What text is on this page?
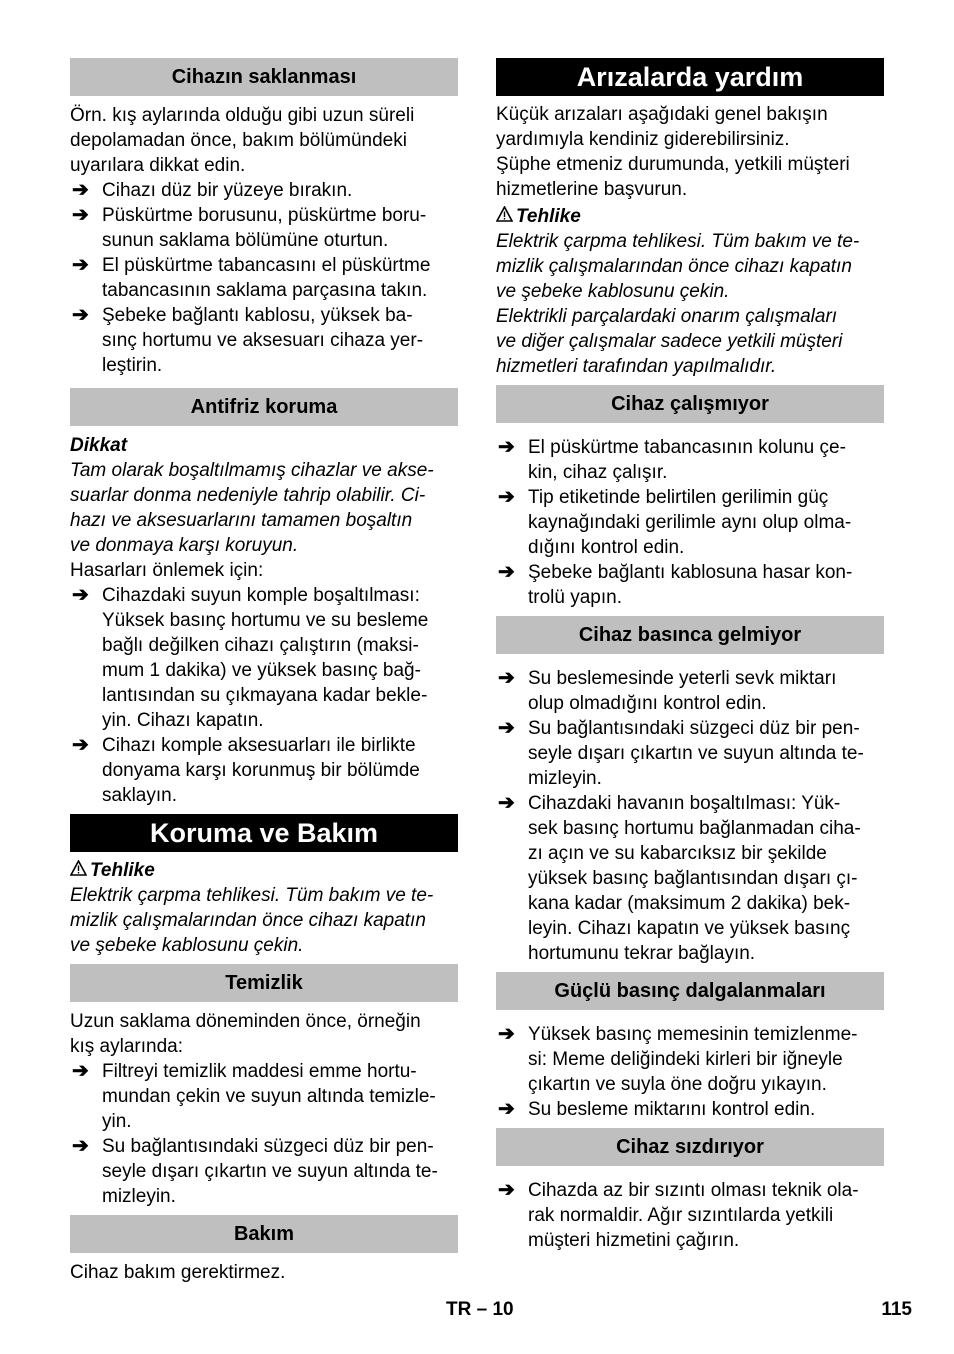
Cihazın saklanması
Örn. kış aylarında olduğu gibi uzun süreli
depolamadan önce, bakım bölümündeki
uyarılara dikkat edin.
➔ Cihazı düz bir yüzeye bırakın.
➔ Püskürtme borusunu, püskürtme boru-
sunun saklama bölümüne oturtun.
➔ El püskürtme tabancasını el püskürtme
tabancasının saklama parçasına takın.
➔ Şebeke bağlantı kablosu, yüksek ba-
sınç hortumu ve aksesuarı cihaza yer-
leştirin.
Antifriz koruma

Dikkat

Tam olarak boşaltılmamış cihazlar ve akse-
suarlar donma nedeniyle tahrip olabilir. Ci-
hazı ve aksesuarlarını tamamen boşaltın
ve donmaya karşı koruyun.

Hasarları önlemek için:

➔ Cihazdaki suyun komple boşaltılması:
Yüksek basınç hortumu ve su besleme
bağlı değilken cihazı çalıştırın (maksi-
mum 1 dakika) ve yüksek basınç bağ-
lantısından su çıkmayana kadar bekle-
yin. Cihazı kapatın.
➔ Cihazı komple aksesuarları ile birlikte
donyama karşı korunmuş bir bölümde
saklayın.
Koruma ve Bakım

Tehlike

Elektrik çarpma tehlikesi. Tüm bakım ve te-
mizlik çalışmalarından önce cihazı kapatın
ve şebeke kablosunu çekin.
Temizlik
Uzun saklama döneminden önce, örneğin
kış aylarında:
➔ Filtreyi temizlik maddesi emme hortu-
mundan çekin ve suyun altında temizle-
yin.
➔ Su bağlantısındaki süzgeci düz bir pen-
seyle dışarı çıkartın ve suyun altında te-
mizleyin.
Bakım

Cihaz bakım gerektirmez.

Arızalarda yardım
Küçük arızaları aşağıdaki genel bakışın
yardımıyla kendiniz giderebilirsiniz.
Şüphe etmeniz durumunda, yetkili müşteri
hizmetlerine başvurun.

Tehlike

Elektrik çarpma tehlikesi. Tüm bakım ve te-
mizlik çalışmalarından önce cihazı kapatın
ve şebeke kablosunu çekin.
Elektrikli parçalardaki onarım çalışmaları
ve diğer çalışmalar sadece yetkili müşteri
hizmetleri tarafından yapılmalıdır.
Cihaz çalışmıyor
➔ El püskürtme tabancasının kolunu çe-
kin, cihaz çalışır.
➔ Tip etiketinde belirtilen gerilimin güç
kaynağındaki gerilimle aynı olup olma-
dığını kontrol edin.
➔ Şebeke bağlantı kablosuna hasar kon-
trolü yapın.
Cihaz basınca gelmiyor
➔ Su beslemesinde yeterli sevk miktarı
olup olmadığını kontrol edin.
➔ Su bağlantısındaki süzgeci düz bir pen-
seyle dışarı çıkartın ve suyun altında te-
mizleyin.
➔ Cihazdaki havanın boşaltılması: Yük-
sek basınç hortumu bağlanmadan ciha-
zı açın ve su kabarcıksız bir şekilde
yüksek basınç bağlantısından dışarı çı-
kana kadar (maksimum 2 dakika) bek-
leyin. Cihazı kapatın ve yüksek basınç
hortumunu tekrar bağlayın.
Güçlü basınç dalgalanmaları
➔ Yüksek basınç memesinin temizlenme-
si: Meme deliğindeki kirleri bir iğneyle
çıkartın ve suyla öne doğru yıkayın.
➔ Su besleme miktarını kontrol edin.
Cihaz sızdırıyor
➔ Cihazda az bir sızıntı olması teknik ola-
rak normaldir. Ağır sızıntılarda yetkili
müşteri hizmetini çağırın.
TR – 10	115
